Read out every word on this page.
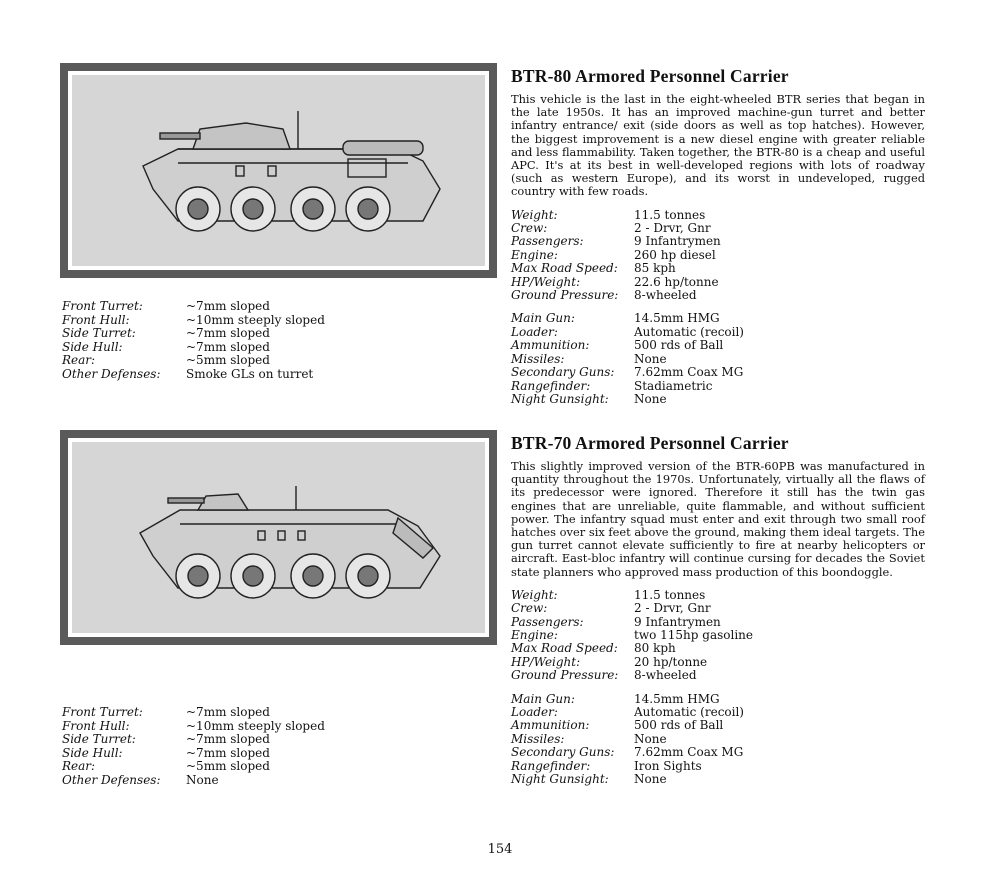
Front Turret:	~7mm sloped
Front Hull:	~10mm steeply sloped
Side Turret:	~7mm sloped
Side Hull:	~7mm sloped
Rear:	~5mm sloped
Other Defenses:	Smoke GLs on turret
BTR-80 Armored Personnel Carrier

This vehicle is the last in the eight-wheeled BTR series that began in the late 1950s. It has an improved machine-gun turret and better infantry entrance/ exit (side doors as well as top hatches). However, the biggest improvement is a new diesel engine with greater reliable and less flammability. Taken together, the BTR-80 is a cheap and useful APC. It's at its best in well-developed regions with lots of roadway (such as western Europe), and its worst in undeveloped, rugged country with few roads.

Weight:	11.5 tonnes
Crew:	2 - Drvr, Gnr
Passengers:	9 Infantrymen
Engine:	260 hp diesel
Max Road Speed:	85 kph
HP/Weight:	22.6 hp/tonne
Ground Pressure:	8-wheeled
Main Gun:	14.5mm HMG
Loader:	Automatic (recoil)
Ammunition:	500 rds of Ball
Missiles:	None
Secondary Guns:	7.62mm Coax MG
Rangefinder:	Stadiametric
Night Gunsight:	None
Front Turret:	~7mm sloped
Front Hull:	~10mm steeply sloped
Side Turret:	~7mm sloped
Side Hull:	~7mm sloped
Rear:	~5mm sloped
Other Defenses:	None
BTR-70 Armored Personnel Carrier

This slightly improved version of the BTR-60PB was manufactured in quantity throughout the 1970s. Unfortunately, virtually all the flaws of its predecessor were ignored. Therefore it still has the twin gas engines that are unreliable, quite flammable, and without sufficient power. The infantry squad must enter and exit through two small roof hatches over six feet above the ground, making them ideal targets. The gun turret cannot elevate sufficiently to fire at nearby helicopters or aircraft. East-bloc infantry will continue cursing for decades the Soviet state planners who approved mass production of this boondoggle.

Weight:	11.5 tonnes
Crew:	2 - Drvr, Gnr
Passengers:	9 Infantrymen
Engine:	two 115hp gasoline
Max Road Speed:	80 kph
HP/Weight:	20 hp/tonne
Ground Pressure:	8-wheeled
Main Gun:	14.5mm HMG
Loader:	Automatic (recoil)
Ammunition:	500 rds of Ball
Missiles:	None
Secondary Guns:	7.62mm Coax MG
Rangefinder:	Iron Sights
Night Gunsight:	None
154
